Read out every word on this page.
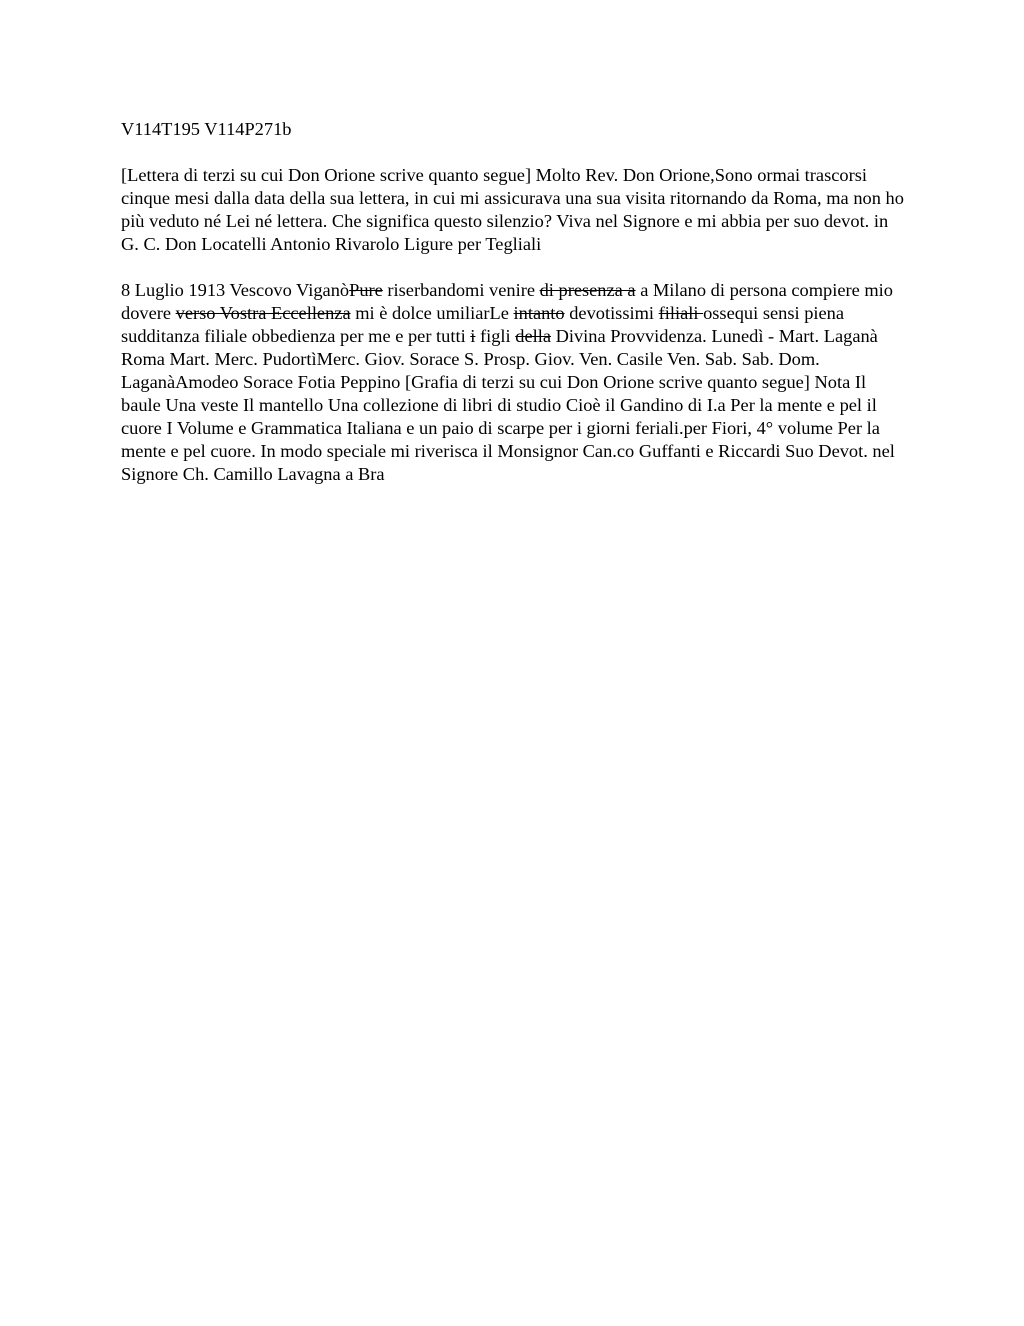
V114T195 V114P271b

[Lettera di terzi su cui Don Orione scrive quanto segue] Molto Rev. Don Orione,Sono ormai trascorsi cinque mesi dalla data della sua lettera, in cui mi assicurava una sua visita ritornando da Roma, ma non ho più veduto né Lei né lettera. Che significa questo silenzio? Viva nel Signore e mi abbia per suo devot. in G. C. Don Locatelli Antonio Rivarolo Ligure per Tegliali

8 Luglio 1913 Vescovo ViganòPure riserbandomi venire di presenza a a Milano di persona compiere mio dovere verso Vostra Eccellenza mi è dolce umiliarLe intanto devotissimi filiali ossequi sensi piena sudditanza filiale obbedienza per me e per tutti i figli della Divina Provvidenza. Lunedì - Mart. Laganà Roma Mart. Merc. PudortìMerc. Giov. Sorace S. Prosp. Giov. Ven. Casile Ven. Sab. Sab. Dom. LaganàAmodeo Sorace Fotia Peppino [Grafia di terzi su cui Don Orione scrive quanto segue] Nota Il baule Una veste Il mantello Una collezione di libri di studio Cioè il Gandino di I.a Per la mente e pel il cuore I Volume e Grammatica Italiana e un paio di scarpe per i giorni feriali.per Fiori, 4° volume Per la mente e pel cuore. In modo speciale mi riverisca il Monsignor Can.co Guffanti e Riccardi Suo Devot. nel Signore Ch. Camillo Lavagna a Bra
